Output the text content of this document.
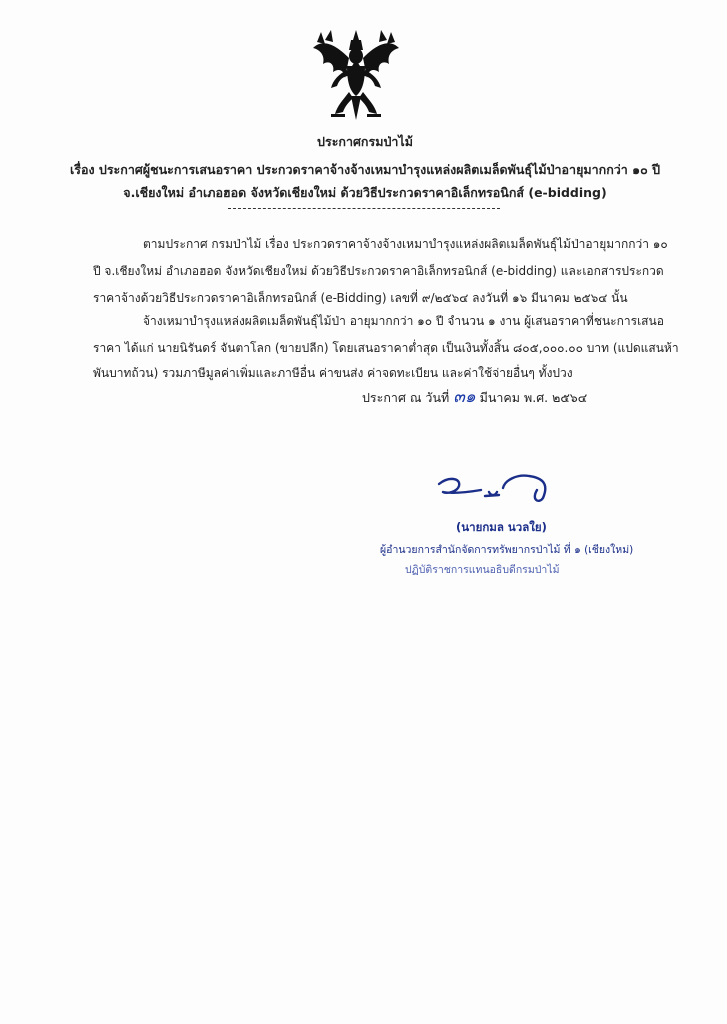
ประกาศกรมป่าไม้
เรื่อง ประกาศผู้ชนะการเสนอราคา ประกวดราคาจ้างจ้างเหมาบำรุงแหล่งผลิตเมล็ดพันธุ์ไม้ป่าอายุมากกว่า ๑๐ ปี
จ.เชียงใหม่ อำเภอฮอด จังหวัดเชียงใหม่ ด้วยวิธีประกวดราคาอิเล็กทรอนิกส์ (e-bidding)
ตามประกาศ กรมป่าไม้ เรื่อง ประกวดราคาจ้างจ้างเหมาบำรุงแหล่งผลิตเมล็ดพันธุ์ไม้ป่าอายุมากกว่า ๑๐
ปี จ.เชียงใหม่ อำเภอฮอด จังหวัดเชียงใหม่ ด้วยวิธีประกวดราคาอิเล็กทรอนิกส์ (e-bidding) และเอกสารประกวด
ราคาจ้างด้วยวิธีประกวดราคาอิเล็กทรอนิกส์ (e-Bidding) เลขที่ ๙/๒๕๖๔ ลงวันที่ ๑๖ มีนาคม ๒๕๖๔ นั้น
จ้างเหมาบำรุงแหล่งผลิตเมล็ดพันธุ์ไม้ป่า อายุมากกว่า ๑๐ ปี จำนวน ๑ งาน ผู้เสนอราคาที่ชนะการเสนอ
ราคา ได้แก่ นายนิรันดร์ จันตาโลก (ขายปลีก) โดยเสนอราคาต่ำสุด เป็นเงินทั้งสิ้น ๘๐๕,๐๐๐.๐๐ บาท (แปดแสนห้า
พันบาทถ้วน) รวมภาษีมูลค่าเพิ่มและภาษีอื่น ค่าขนส่ง ค่าจดทะเบียน และค่าใช้จ่ายอื่นๆ ทั้งปวง
ประกาศ ณ วันที่ ๓๑ มีนาคม พ.ศ. ๒๕๖๔
(นายกมล นวลใย)
ผู้อำนวยการสำนักจัดการทรัพยากรป่าไม้ ที่ ๑ (เชียงใหม่)
ปฏิบัติราชการแทนอธิบดีกรมป่าไม้
